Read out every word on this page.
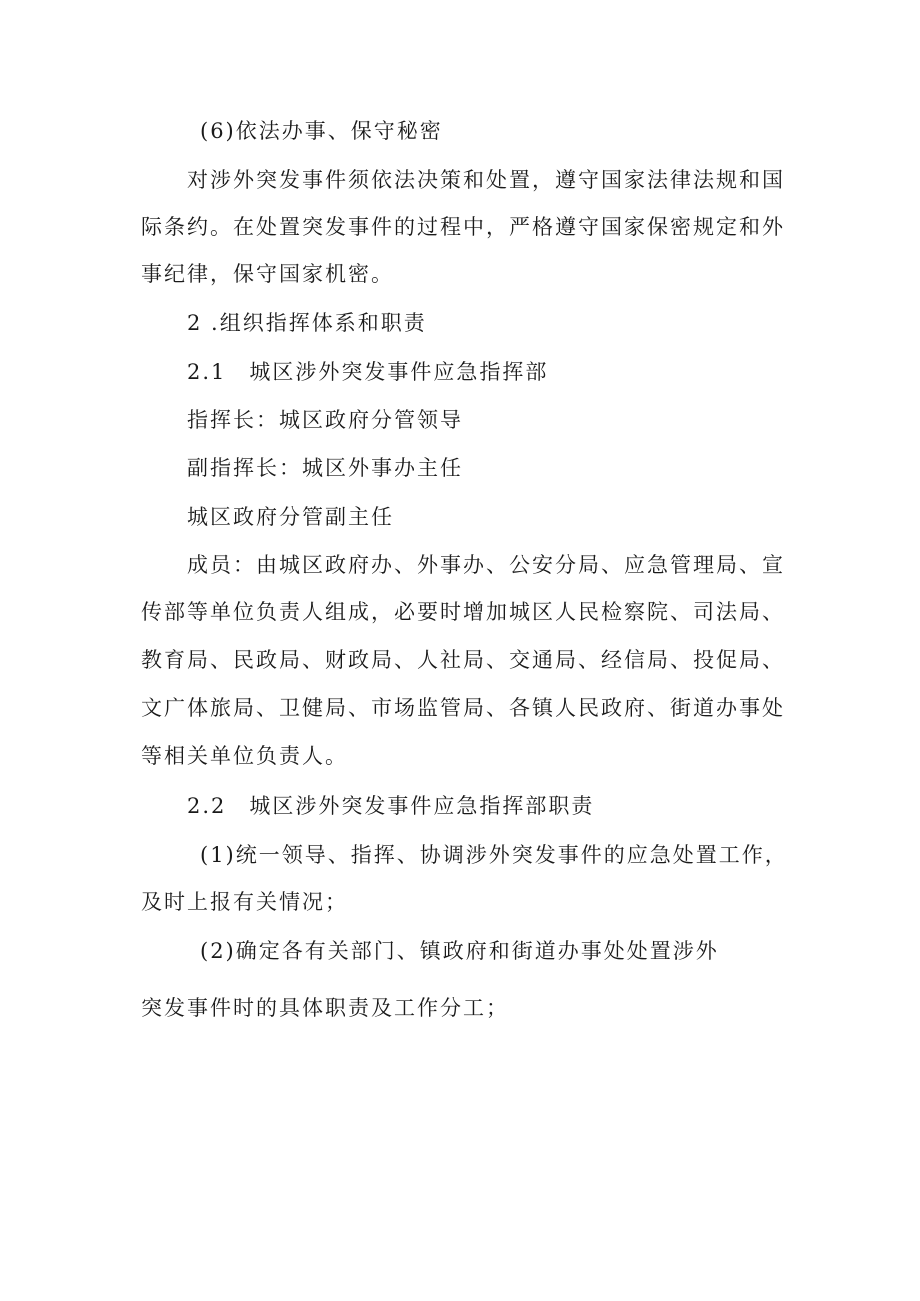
(6)依法办事、保守秘密
对涉外突发事件须依法决策和处置，遵守国家法律法规和国
际条约。在处置突发事件的过程中，严格遵守国家保密规定和外
事纪律，保守国家机密。
2 .组织指挥体系和职责
2.1　城区涉外突发事件应急指挥部
指挥长：城区政府分管领导
副指挥长：城区外事办主任
城区政府分管副主任
成员：由城区政府办、外事办、公安分局、应急管理局、宣
传部等单位负责人组成，必要时增加城区人民检察院、司法局、
教育局、民政局、财政局、人社局、交通局、经信局、投促局、
文广体旅局、卫健局、市场监管局、各镇人民政府、街道办事处
等相关单位负责人。
2.2　城区涉外突发事件应急指挥部职责
(1)统一领导、指挥、协调涉外突发事件的应急处置工作，
及时上报有关情况；
(2)确定各有关部门、镇政府和街道办事处处置涉外
突发事件时的具体职责及工作分工；
